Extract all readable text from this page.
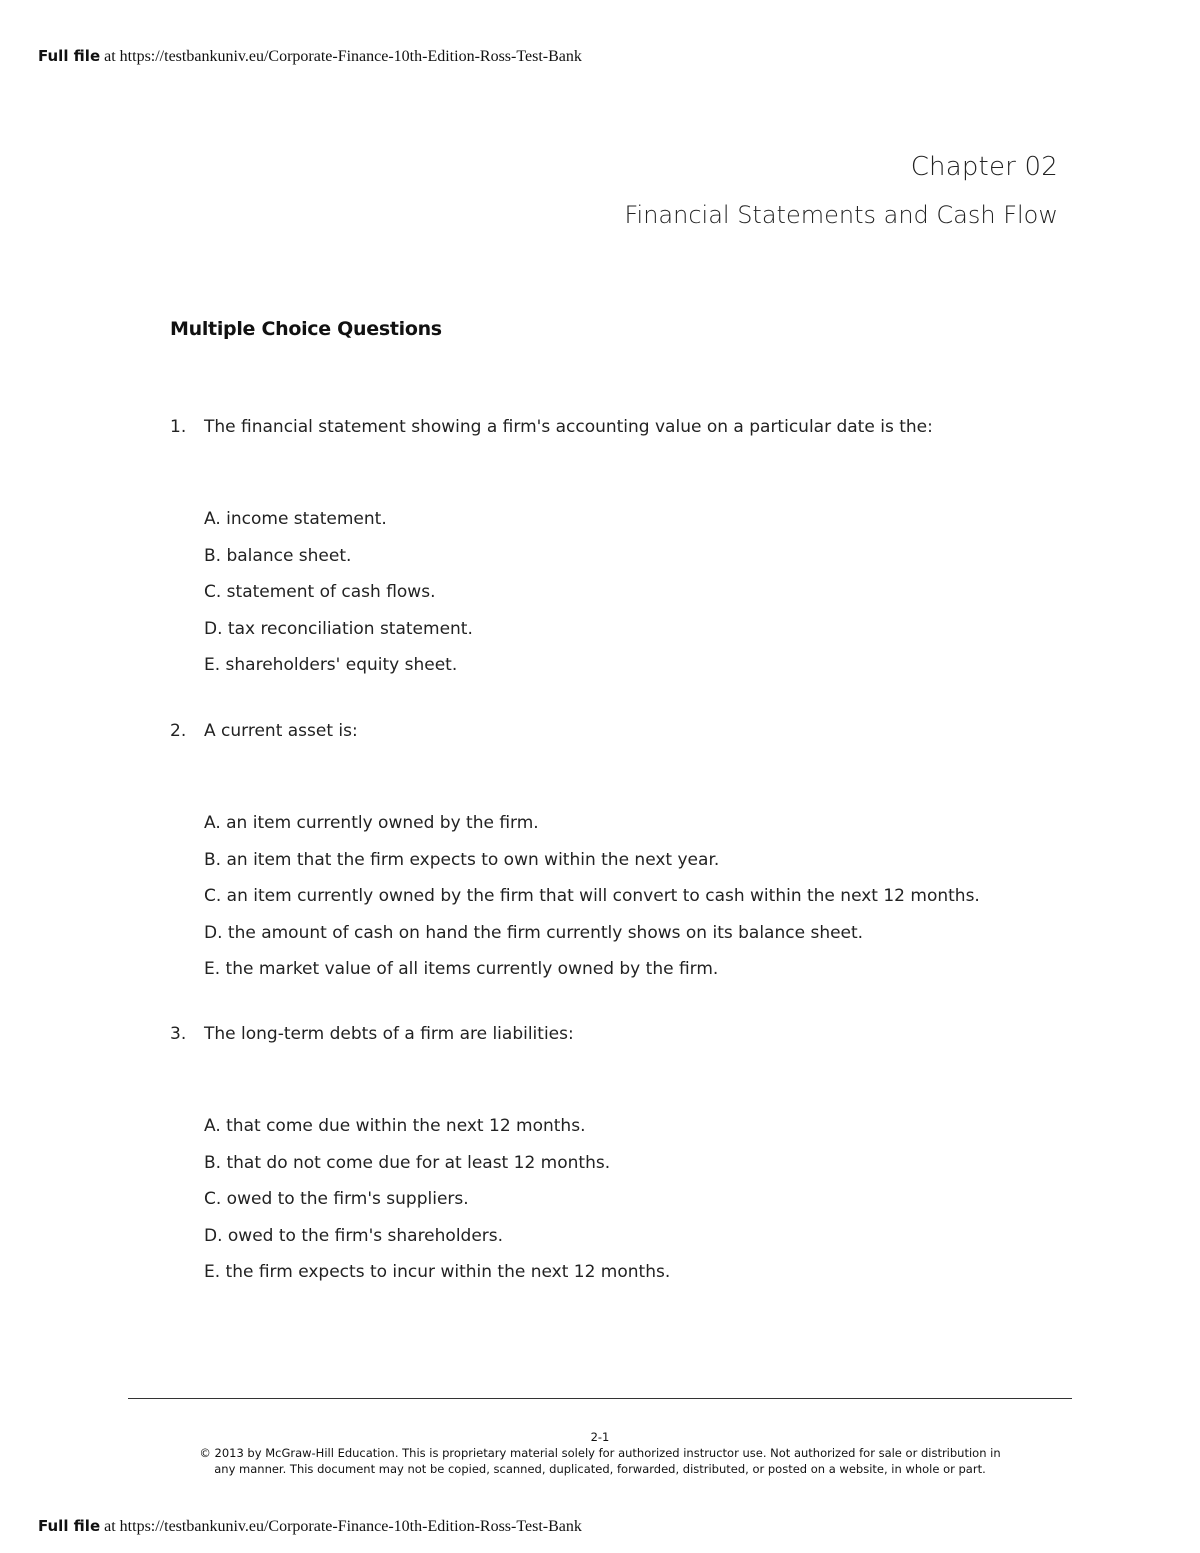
Full file at https://testbankuniv.eu/Corporate-Finance-10th-Edition-Ross-Test-Bank
Chapter 02
Financial Statements and Cash Flow
Multiple Choice Questions
1.	The financial statement showing a firm's accounting value on a particular date is the:
A. income statement.
B. balance sheet.
C. statement of cash flows.
D. tax reconciliation statement.
E. shareholders' equity sheet.
2.	A current asset is:
A. an item currently owned by the firm.
B. an item that the firm expects to own within the next year.
C. an item currently owned by the firm that will convert to cash within the next 12 months.
D. the amount of cash on hand the firm currently shows on its balance sheet.
E. the market value of all items currently owned by the firm.
3.	The long-term debts of a firm are liabilities:
A. that come due within the next 12 months.
B. that do not come due for at least 12 months.
C. owed to the firm's suppliers.
D. owed to the firm's shareholders.
E. the firm expects to incur within the next 12 months.
2-1
© 2013 by McGraw-Hill Education. This is proprietary material solely for authorized instructor use. Not authorized for sale or distribution in
any manner. This document may not be copied, scanned, duplicated, forwarded, distributed, or posted on a website, in whole or part.
Full file at https://testbankuniv.eu/Corporate-Finance-10th-Edition-Ross-Test-Bank
